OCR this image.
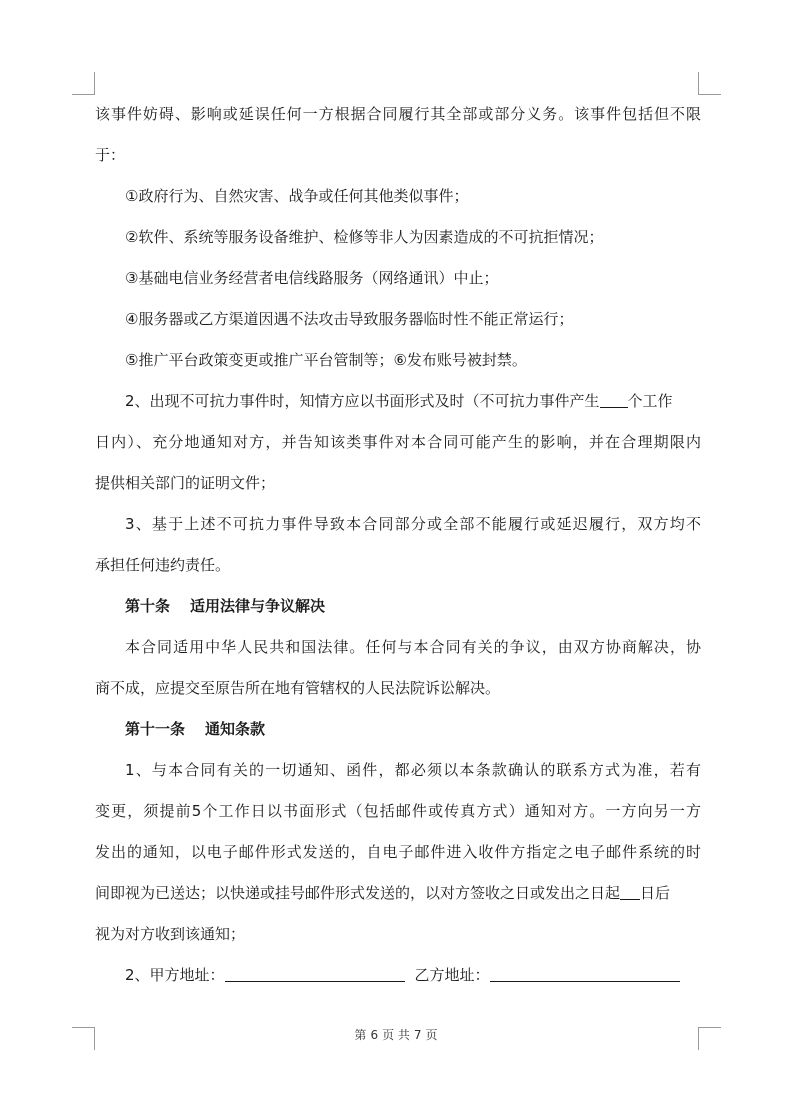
该事件妨碍、影响或延误任何一方根据合同履行其全部或部分义务。该事件包括但不限
于：
①政府行为、自然灾害、战争或任何其他类似事件；
②软件、系统等服务设备维护、检修等非人为因素造成的不可抗拒情况；
③基础电信业务经营者电信线路服务（网络通讯）中止；
④服务器或乙方渠道因遇不法攻击导致服务器临时性不能正常运行；
⑤推广平台政策变更或推广平台管制等；⑥发布账号被封禁。
2、出现不可抗力事件时，知情方应以书面形式及时（不可抗力事件产生 个工作
日内）、充分地通知对方，并告知该类事件对本合同可能产生的影响，并在合理期限内
提供相关部门的证明文件；
3、基于上述不可抗力事件导致本合同部分或全部不能履行或延迟履行，双方均不
承担任何违约责任。
第十条 适用法律与争议解决
本合同适用中华人民共和国法律。任何与本合同有关的争议，由双方协商解决，协
商不成，应提交至原告所在地有管辖权的人民法院诉讼解决。
第十一条 通知条款
1、与本合同有关的一切通知、函件，都必须以本条款确认的联系方式为准，若有
变更，须提前5个工作日以书面形式（包括邮件或传真方式）通知对方。一方向另一方
发出的通知，以电子邮件形式发送的，自电子邮件进入收件方指定之电子邮件系统的时
间即视为已送达；以快递或挂号邮件形式发送的，以对方签收之日或发出之日起 日后
视为对方收到该通知；
2、甲方地址：	乙方地址：
第 6 页 共 7 页
